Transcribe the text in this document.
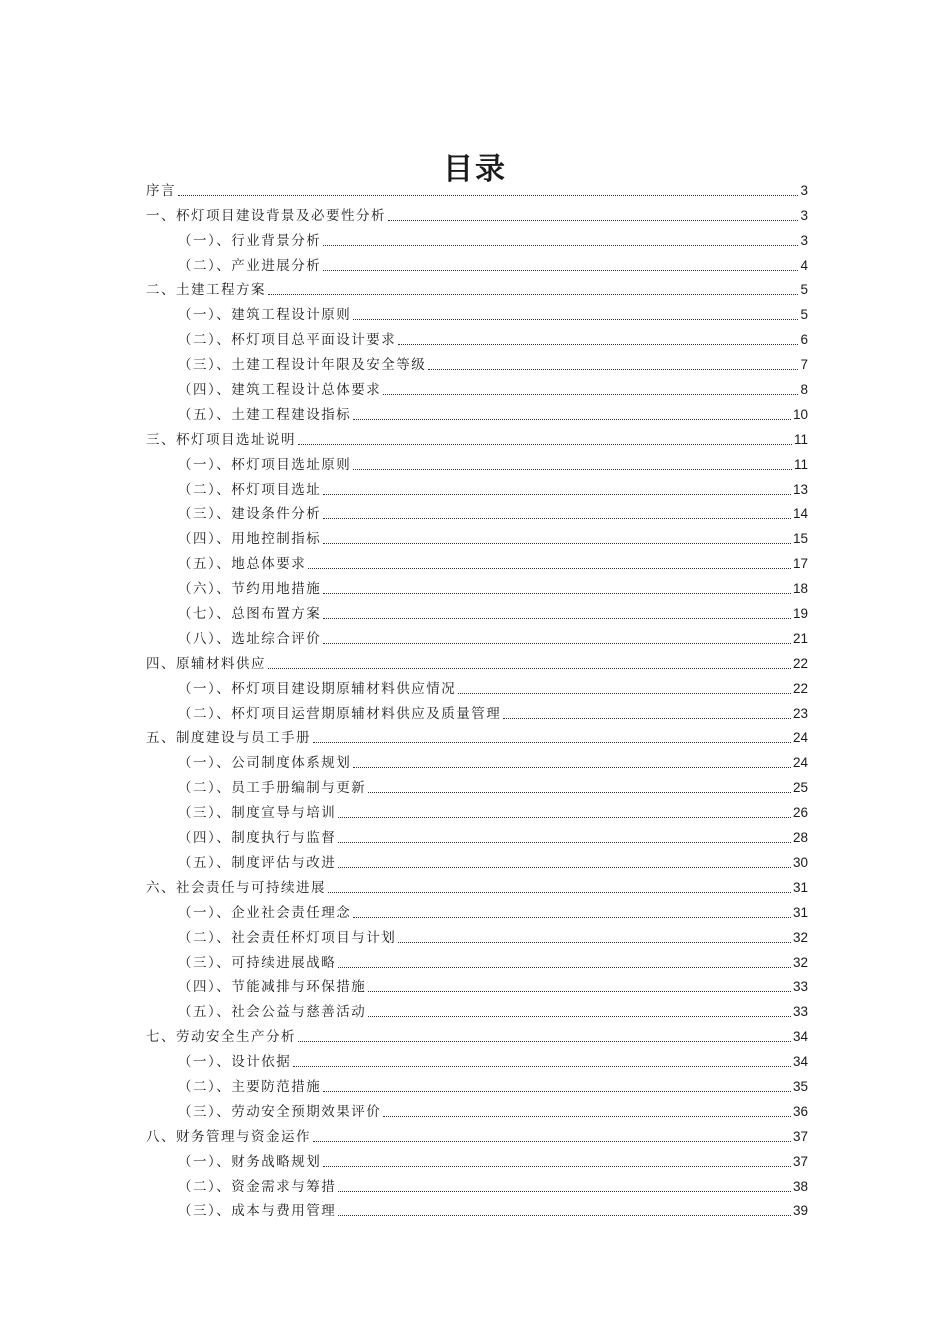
目录
序言	3
一、杯灯项目建设背景及必要性分析	3
（一）、行业背景分析	3
（二）、产业进展分析	4
二、土建工程方案	5
（一）、建筑工程设计原则	5
（二）、杯灯项目总平面设计要求	6
（三）、土建工程设计年限及安全等级	7
（四）、建筑工程设计总体要求	8
（五）、土建工程建设指标	10
三、杯灯项目选址说明	11
（一）、杯灯项目选址原则	11
（二）、杯灯项目选址	13
（三）、建设条件分析	14
（四）、用地控制指标	15
（五）、地总体要求	17
（六）、节约用地措施	18
（七）、总图布置方案	19
（八）、选址综合评价	21
四、原辅材料供应	22
（一）、杯灯项目建设期原辅材料供应情况	22
（二）、杯灯项目运营期原辅材料供应及质量管理	23
五、制度建设与员工手册	24
（一）、公司制度体系规划	24
（二）、员工手册编制与更新	25
（三）、制度宣导与培训	26
（四）、制度执行与监督	28
（五）、制度评估与改进	30
六、社会责任与可持续进展	31
（一）、企业社会责任理念	31
（二）、社会责任杯灯项目与计划	32
（三）、可持续进展战略	32
（四）、节能减排与环保措施	33
（五）、社会公益与慈善活动	33
七、劳动安全生产分析	34
（一）、设计依据	34
（二）、主要防范措施	35
（三）、劳动安全预期效果评价	36
八、财务管理与资金运作	37
（一）、财务战略规划	37
（二）、资金需求与筹措	38
（三）、成本与费用管理	39
